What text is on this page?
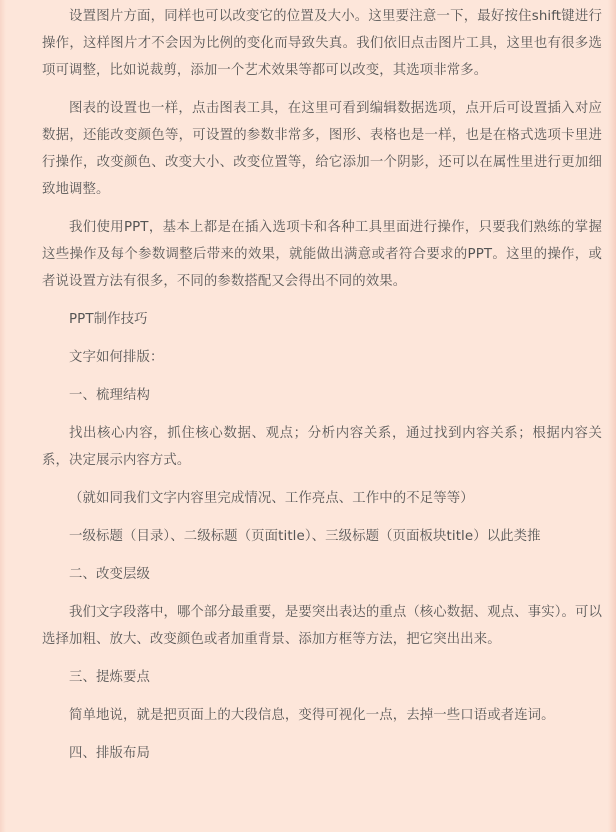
设置图片方面，同样也可以改变它的位置及大小。这里要注意一下，最好按住shift键进行操作，这样图片才不会因为比例的变化而导致失真。我们依旧点击图片工具，这里也有很多选项可调整，比如说裁剪，添加一个艺术效果等都可以改变，其选项非常多。

图表的设置也一样，点击图表工具，在这里可看到编辑数据选项，点开后可设置插入对应数据，还能改变颜色等，可设置的参数非常多，图形、表格也是一样，也是在格式选项卡里进行操作，改变颜色、改变大小、改变位置等，给它添加一个阴影，还可以在属性里进行更加细致地调整。

我们使用PPT，基本上都是在插入选项卡和各种工具里面进行操作，只要我们熟练的掌握这些操作及每个参数调整后带来的效果，就能做出满意或者符合要求的PPT。这里的操作，或者说设置方法有很多，不同的参数搭配又会得出不同的效果。

PPT制作技巧

文字如何排版：

一、梳理结构

找出核心内容，抓住核心数据、观点；分析内容关系，通过找到内容关系；根据内容关系，决定展示内容方式。

（就如同我们文字内容里完成情况、工作亮点、工作中的不足等等）

一级标题（目录）、二级标题（页面title）、三级标题（页面板块title）以此类推

二、改变层级

我们文字段落中，哪个部分最重要，是要突出表达的重点（核心数据、观点、事实）。可以选择加粗、放大、改变颜色或者加重背景、添加方框等方法，把它突出出来。

三、提炼要点

简单地说，就是把页面上的大段信息，变得可视化一点，去掉一些口语或者连词。

四、排版布局
